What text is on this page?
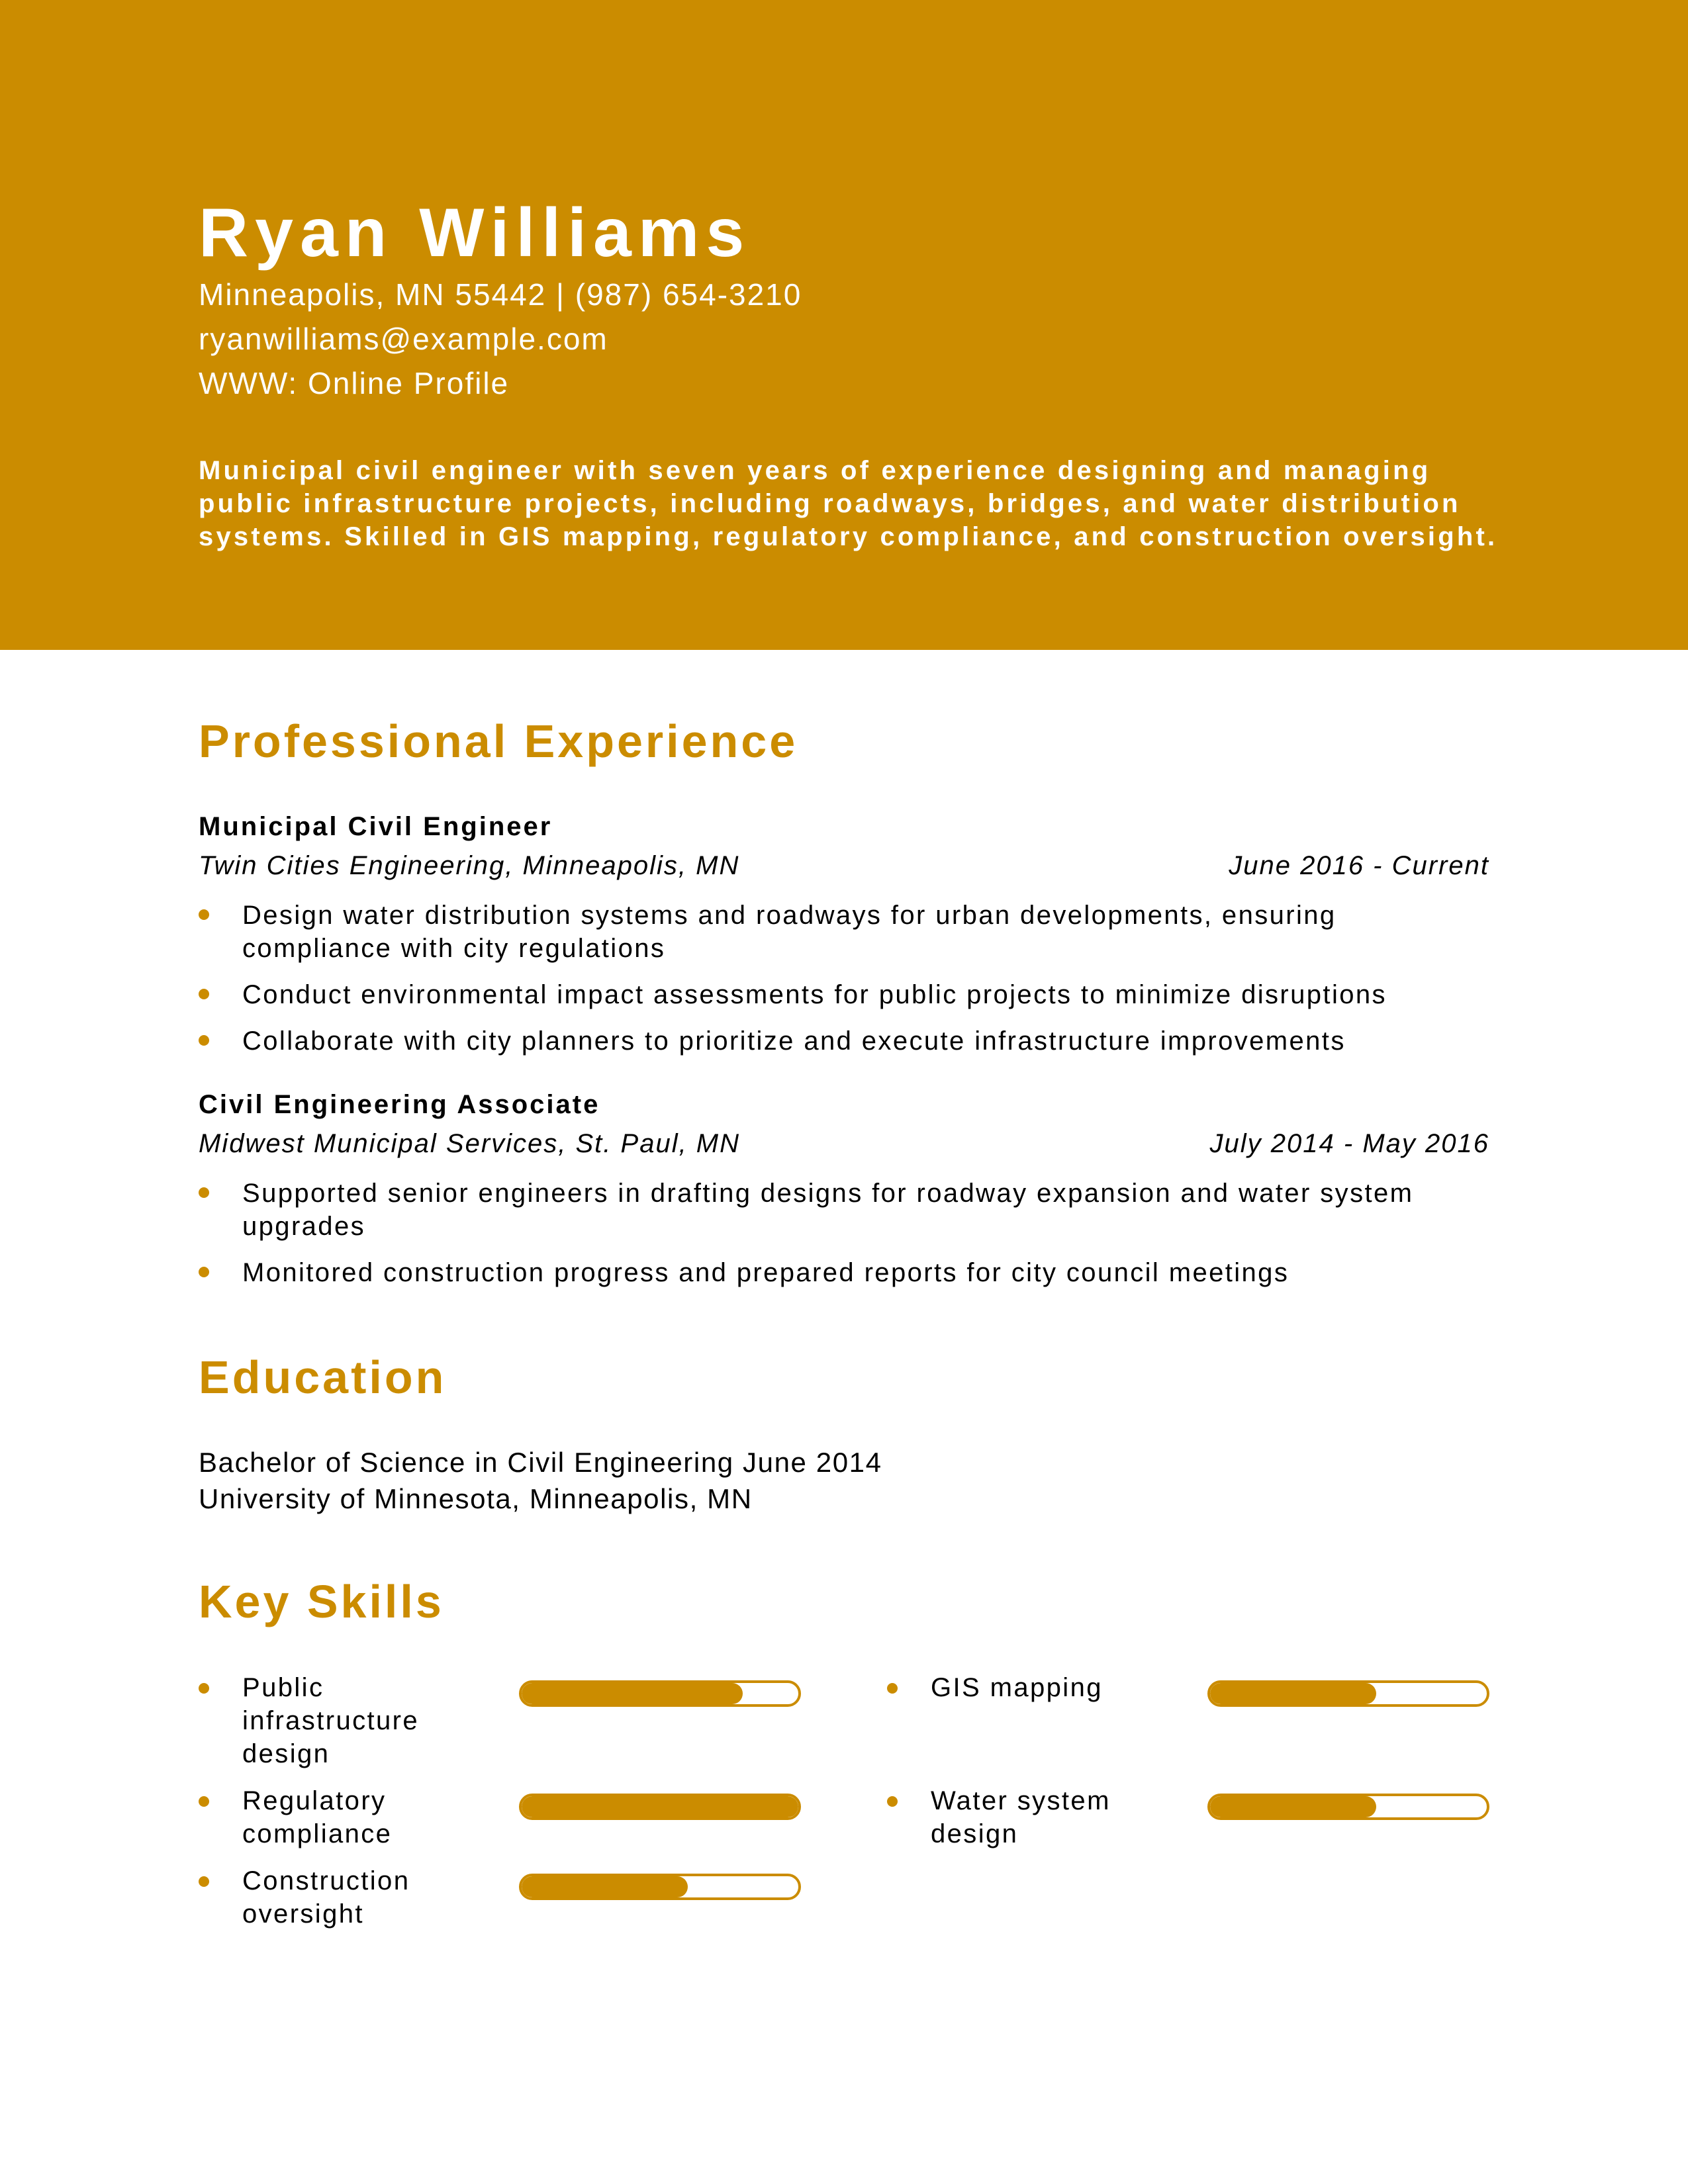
Ryan Williams
Minneapolis, MN 55442 | (987) 654-3210
ryanwilliams@example.com
WWW: Online Profile
Municipal civil engineer with seven years of experience designing and managing public infrastructure projects, including roadways, bridges, and water distribution systems. Skilled in GIS mapping, regulatory compliance, and construction oversight.
Professional Experience
Municipal Civil Engineer
Twin Cities Engineering, Minneapolis, MN	June 2016 - Current
Design water distribution systems and roadways for urban developments, ensuring compliance with city regulations
Conduct environmental impact assessments for public projects to minimize disruptions
Collaborate with city planners to prioritize and execute infrastructure improvements
Civil Engineering Associate
Midwest Municipal Services, St. Paul, MN	July 2014 - May 2016
Supported senior engineers in drafting designs for roadway expansion and water system upgrades
Monitored construction progress and prepared reports for city council meetings
Education
Bachelor of Science in Civil Engineering June 2014
University of Minnesota, Minneapolis, MN
Key Skills
Public infrastructure design
GIS mapping
Regulatory compliance
Water system design
Construction oversight
